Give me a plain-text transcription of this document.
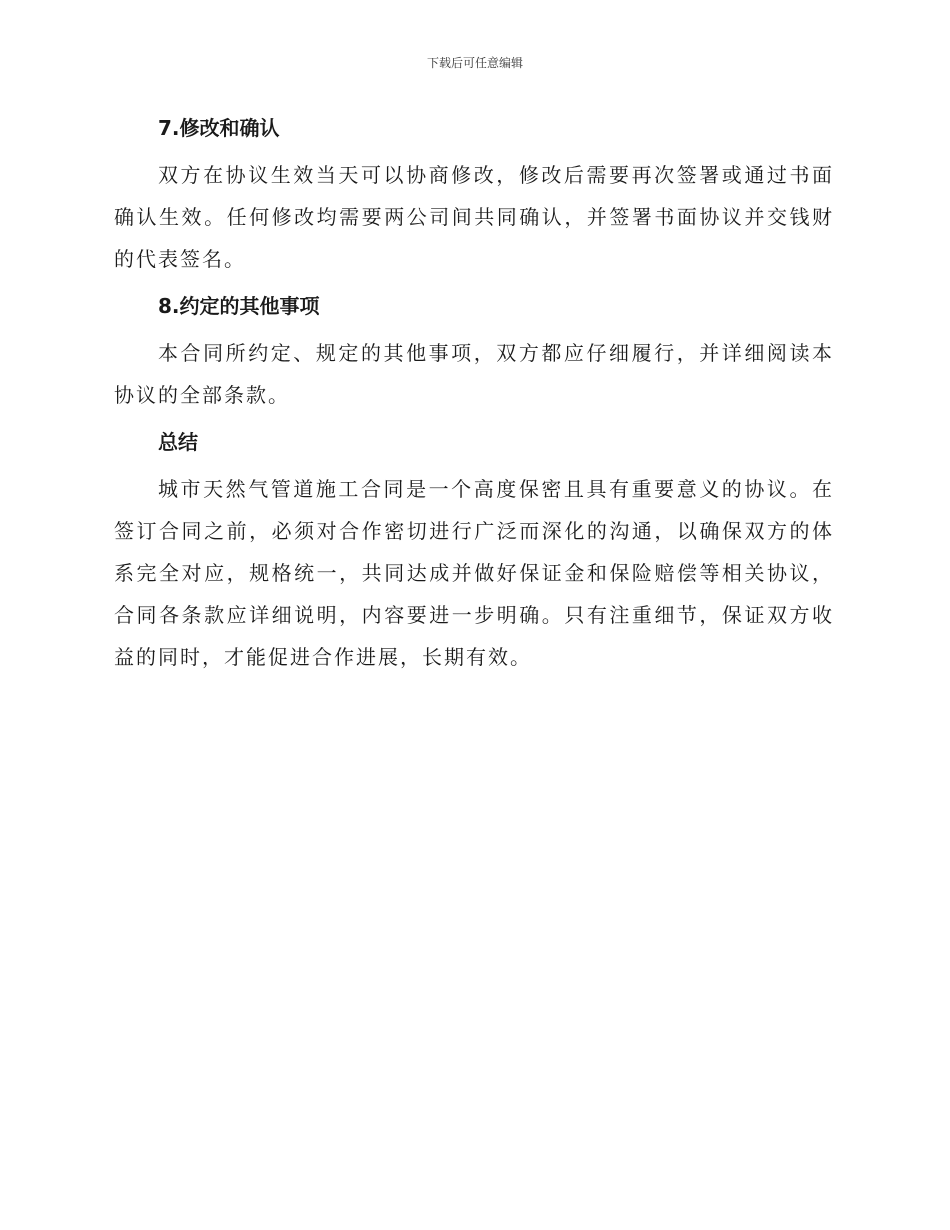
下载后可任意编辑
7.修改和确认

双方在协议生效当天可以协商修改，修改后需要再次签署或通过书面确认生效。任何修改均需要两公司间共同确认，并签署书面协议并交钱财的代表签名。

8.约定的其他事项

本合同所约定、规定的其他事项，双方都应仔细履行，并详细阅读本协议的全部条款。

总结

城市天然气管道施工合同是一个高度保密且具有重要意义的协议。在签订合同之前，必须对合作密切进行广泛而深化的沟通，以确保双方的体系完全对应，规格统一，共同达成并做好保证金和保险赔偿等相关协议，合同各条款应详细说明，内容要进一步明确。只有注重细节，保证双方收益的同时，才能促进合作进展，长期有效。
